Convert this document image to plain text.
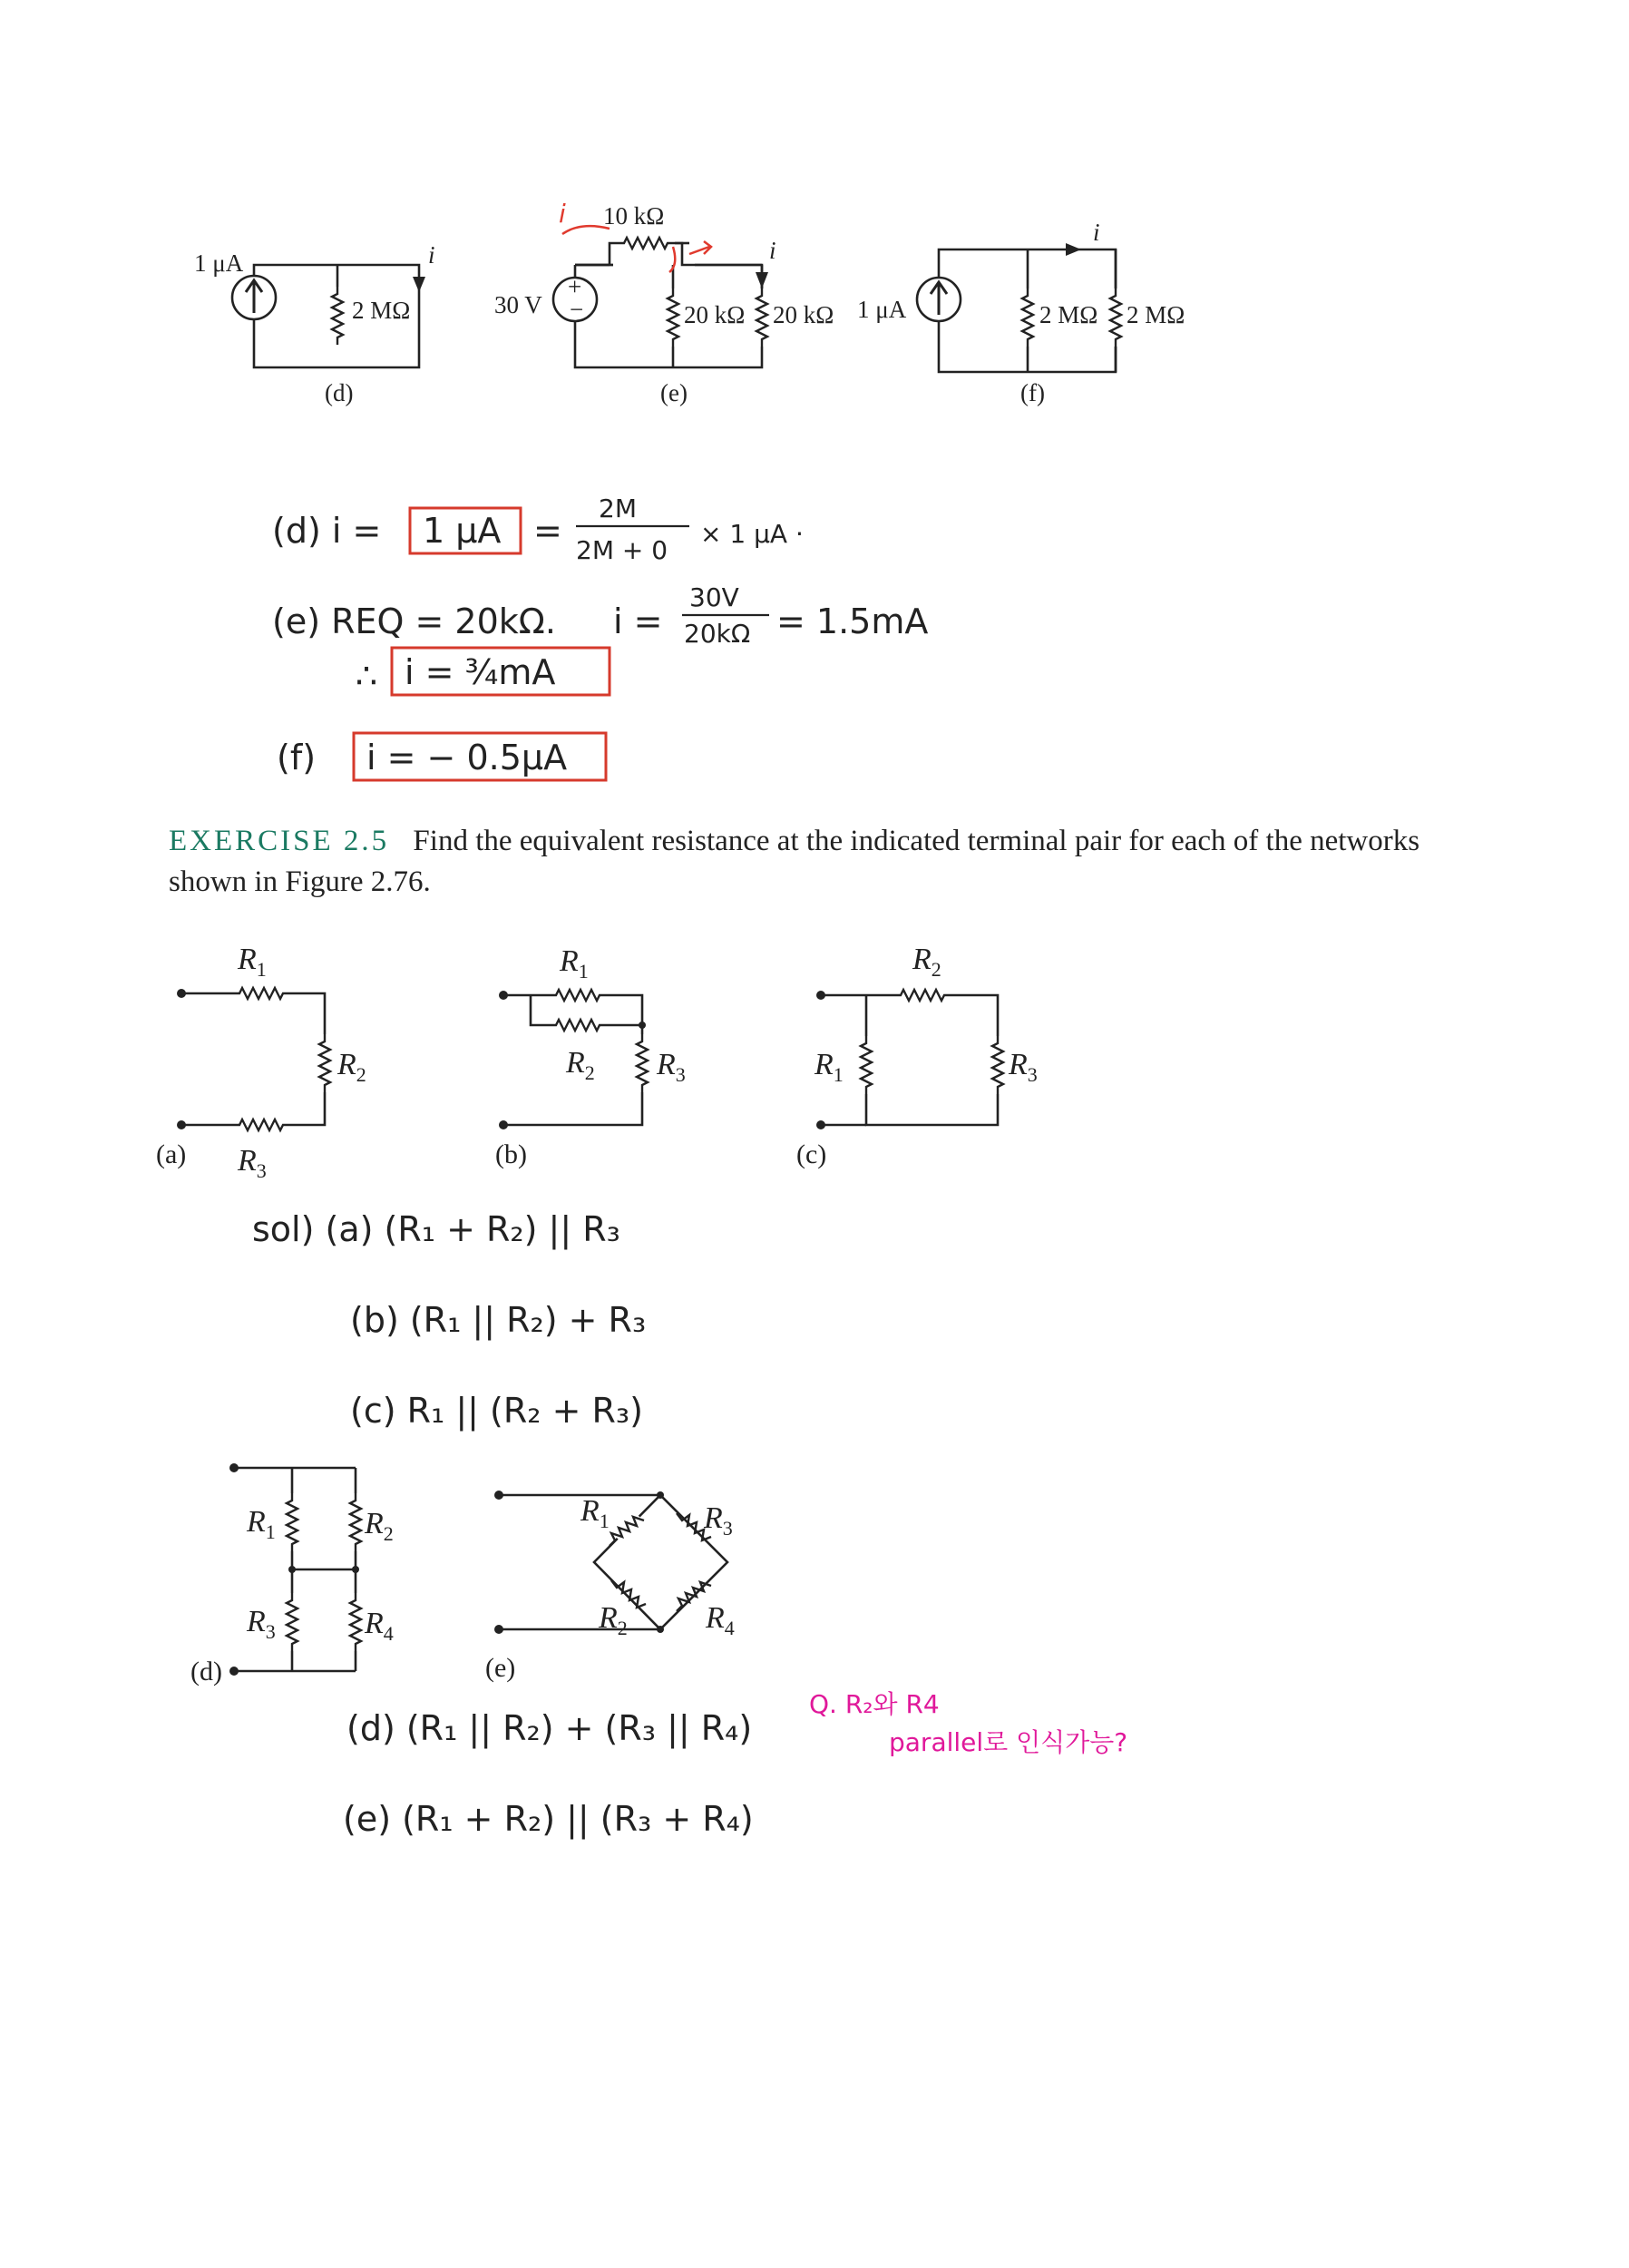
1 μA
2 MΩ
i
(d)
+
−
30 V
10 kΩ
20 kΩ 20 kΩ
i
(e)
i
1 μA	2 MΩ 2 MΩ
i
(f)
(d) i = 1 μA =
2M
2M + 0
× 1 μA ·
(e) REQ = 20kΩ. i =
30V
20kΩ = 1.5mA
∴ i = ¾mA
(f) i = − 0.5μA
$R_1$
$R_2$
$R_3$
(a)
$R_1$
$R_2$ $R_3$
(b)
$R_2$
$R_1$	$R_3$
(c)
sol) (a) (R₁ + R₂) || R₃
(b) (R₁ || R₂) + R₃
(c) R₁ || (R₂ + R₃)
$R_1$	$R_2$
$R_3$	$R_4$
(d)
$R_1$	$R_3$
$R_2$	$R_4$
(e)
(d) (R₁ || R₂) + (R₃ || R₄)
(e) (R₁ + R₂) || (R₃ + R₄)
Q. R₂와 R4
parallel로 인식가능?
EXERCISE 2.5 Find the equivalent resistance at the indicated terminal pair for each of the networks shown in Figure 2.76.
